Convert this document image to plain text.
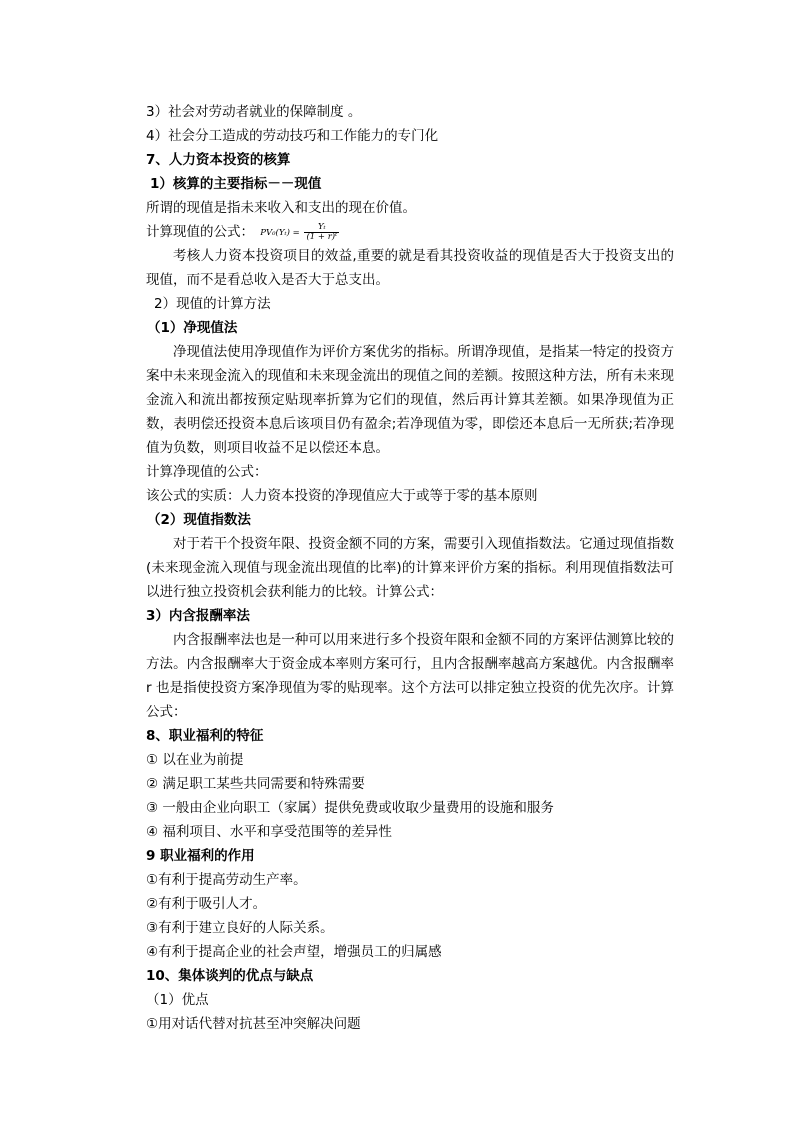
3）社会对劳动者就业的保障制度 。
4）社会分工造成的劳动技巧和工作能力的专门化
7、人力资本投资的核算
1）核算的主要指标－－现值
所谓的现值是指未来收入和支出的现在价值。
计算现值的公式： $PV_0(Y_t) = \frac{\text{Yₜ}}{\text{(1 + r)ᵗ}}$
考核人力资本投资项目的效益,重要的就是看其投资收益的现值是否大于投资支出的现值，而不是看总收入是否大于总支出。
2）现值的计算方法
（1）净现值法
净现值法使用净现值作为评价方案优劣的指标。所谓净现值，是指某一特定的投资方案中未来现金流入的现值和未来现金流出的现值之间的差额。按照这种方法，所有未来现金流入和流出都按预定贴现率折算为它们的现值，然后再计算其差额。如果净现值为正数，表明偿还投资本息后该项目仍有盈余;若净现值为零，即偿还本息后一无所获;若净现值为负数，则项目收益不足以偿还本息。
计算净现值的公式：
该公式的实质：人力资本投资的净现值应大于或等于零的基本原则
（2）现值指数法
对于若干个投资年限、投资金额不同的方案，需要引入现值指数法。它通过现值指数(未来现金流入现值与现金流出现值的比率)的计算来评价方案的指标。利用现值指数法可以进行独立投资机会获利能力的比较。计算公式：
3）内含报酬率法
内含报酬率法也是一种可以用来进行多个投资年限和金额不同的方案评估测算比较的方法。内含报酬率大于资金成本率则方案可行，且内含报酬率越高方案越优。内含报酬率 r 也是指使投资方案净现值为零的贴现率。这个方法可以排定独立投资的优先次序。计算公式：
8、职业福利的特征
① 以在业为前提
② 满足职工某些共同需要和特殊需要
③ 一般由企业向职工（家属）提供免费或收取少量费用的设施和服务
④ 福利项目、水平和享受范围等的差异性
9 职业福利的作用
①有利于提高劳动生产率。
②有利于吸引人才。
③有利于建立良好的人际关系。
④有利于提高企业的社会声望，增强员工的归属感
10、集体谈判的优点与缺点
（1）优点
①用对话代替对抗甚至冲突解决问题
